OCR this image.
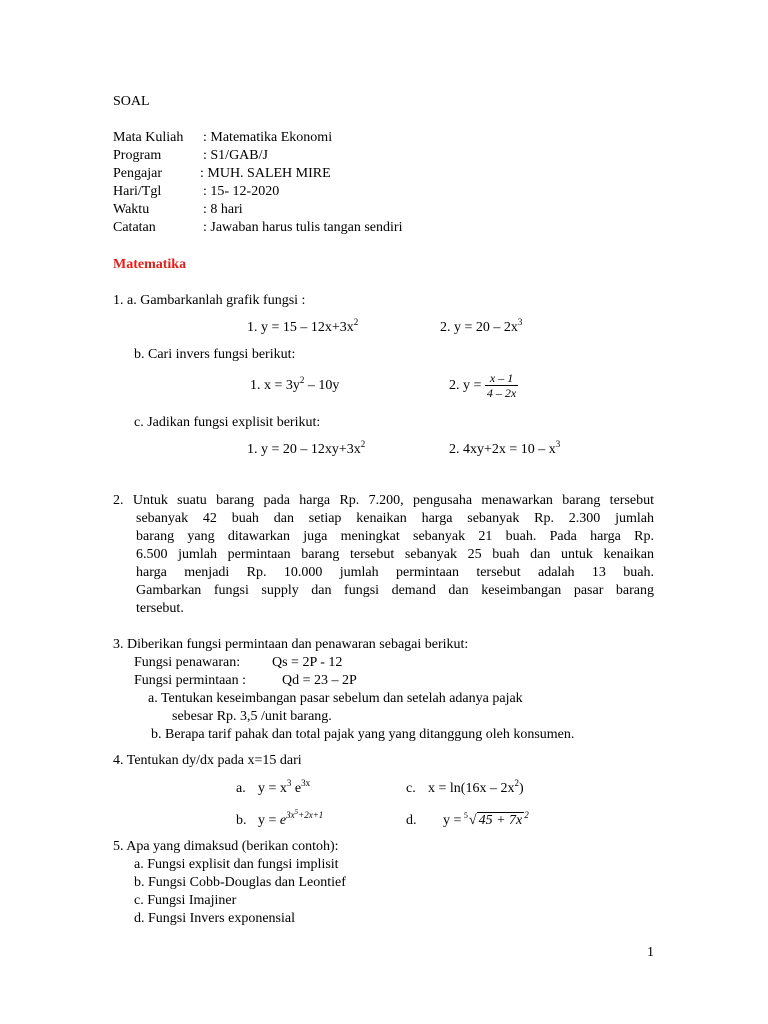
SOAL
Mata Kuliah : Matematika Ekonomi
Program	: S1/GAB/J
Pengajar	: MUH. SALEH MIRE
Hari/Tgl	: 15- 12-2020
Waktu	: 8 hari
Catatan	: Jawaban harus tulis tangan sendiri
Matematika
1. a. Gambarkanlah grafik fungsi :
1. $y = 15 - 12x+3x^2$	2. $y = 20 - 2x^3$
b. Cari invers fungsi berikut:
1. $x = 3y^2 - 10y$	2. $y = \frac{x - 1}{4 - 2x}$
c. Jadikan fungsi explisit berikut:
1. $y = 20 - 12xy+3x^2$	2. $4xy+2x = 10 - x^3$
2. Untuk suatu barang pada harga Rp. 7.200, pengusaha menawarkan barang tersebut
sebanyak 42 buah dan setiap kenaikan harga sebanyak Rp. 2.300 jumlah
barang yang ditawarkan juga meningkat sebanyak 21 buah. Pada harga Rp.
6.500 jumlah permintaan barang tersebut sebanyak 25 buah dan untuk kenaikan
harga menjadi Rp. 10.000 jumlah permintaan tersebut adalah 13 buah.
Gambarkan fungsi supply dan fungsi demand dan keseimbangan pasar barang
tersebut.
3. Diberikan fungsi permintaan dan penawaran sebagai berikut:
Fungsi penawaran: Qs = 2P - 12
Fungsi permintaan :	Qd = 23 – 2P
a. Tentukan keseimbangan pasar sebelum dan setelah adanya pajak
sebesar Rp. 3,5 /unit barang.
b. Berapa tarif pahak dan total pajak yang yang ditanggung oleh konsumen.
4. Tentukan dy/dx pada x=15 dari
a. $y = x^3$ $e^{3x}$	c. $x = \ln(16x - 2x^2)$
b. $y = e^{3x^5+2x+1}$	d. y = 5 √ 45 + 7x $^2$
5. Apa yang dimaksud (berikan contoh):
a. Fungsi explisit dan fungsi implisit
b. Fungsi Cobb-Douglas dan Leontief
c. Fungsi Imajiner
d. Fungsi Invers exponensial
1
